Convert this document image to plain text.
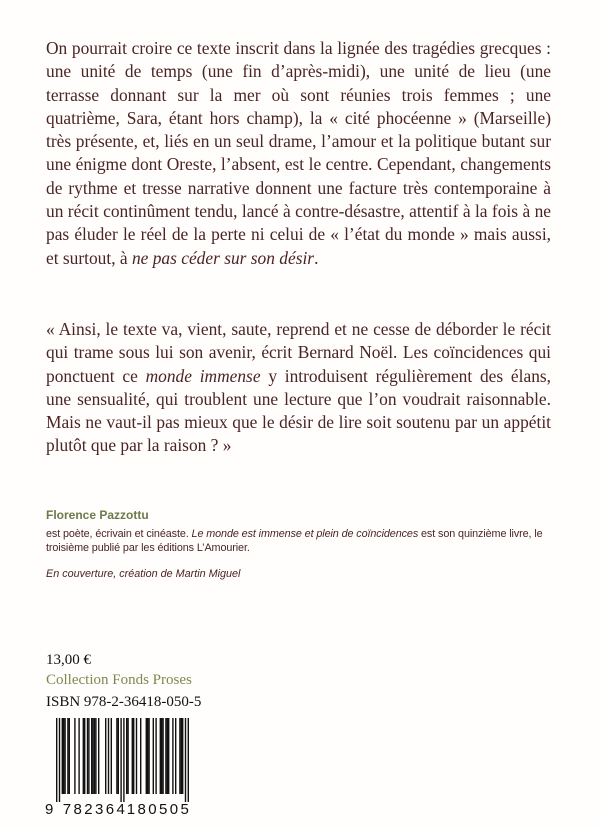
On pourrait croire ce texte inscrit dans la lignée des tragédies grecques : une unité de temps (une fin d’après-midi), une unité de lieu (une terrasse donnant sur la mer où sont réunies trois femmes ; une quatrième, Sara, étant hors champ), la « cité phocéenne » (Marseille) très présente, et, liés en un seul drame, l’amour et la politique butant sur une énigme dont Oreste, l’absent, est le centre. Cependant, changements de rythme et tresse narrative donnent une facture très contemporaine à un récit continûment tendu, lancé à contre-désastre, attentif à la fois à ne pas éluder le réel de la perte ni celui de « l’état du monde » mais aussi, et surtout, à ne pas céder sur son désir.

« Ainsi, le texte va, vient, saute, reprend et ne cesse de déborder le récit qui trame sous lui son avenir, écrit Bernard Noël. Les coïncidences qui ponctuent ce monde immense y introduisent régulièrement des élans, une sensualité, qui troublent une lecture que l’on voudrait raisonnable. Mais ne vaut-il pas mieux que le désir de lire soit soutenu par un appétit plutôt que par la raison ? »

Florence Pazzottu

est poète, écrivain et cinéaste. Le monde est immense et plein de coïncidences est son quinzième livre, le troisième publié par les éditions L’Amourier.

En couverture, création de Martin Miguel

13,00 €

Collection Fonds Proses

ISBN 978-2-36418-050-5

9 782364 180505
